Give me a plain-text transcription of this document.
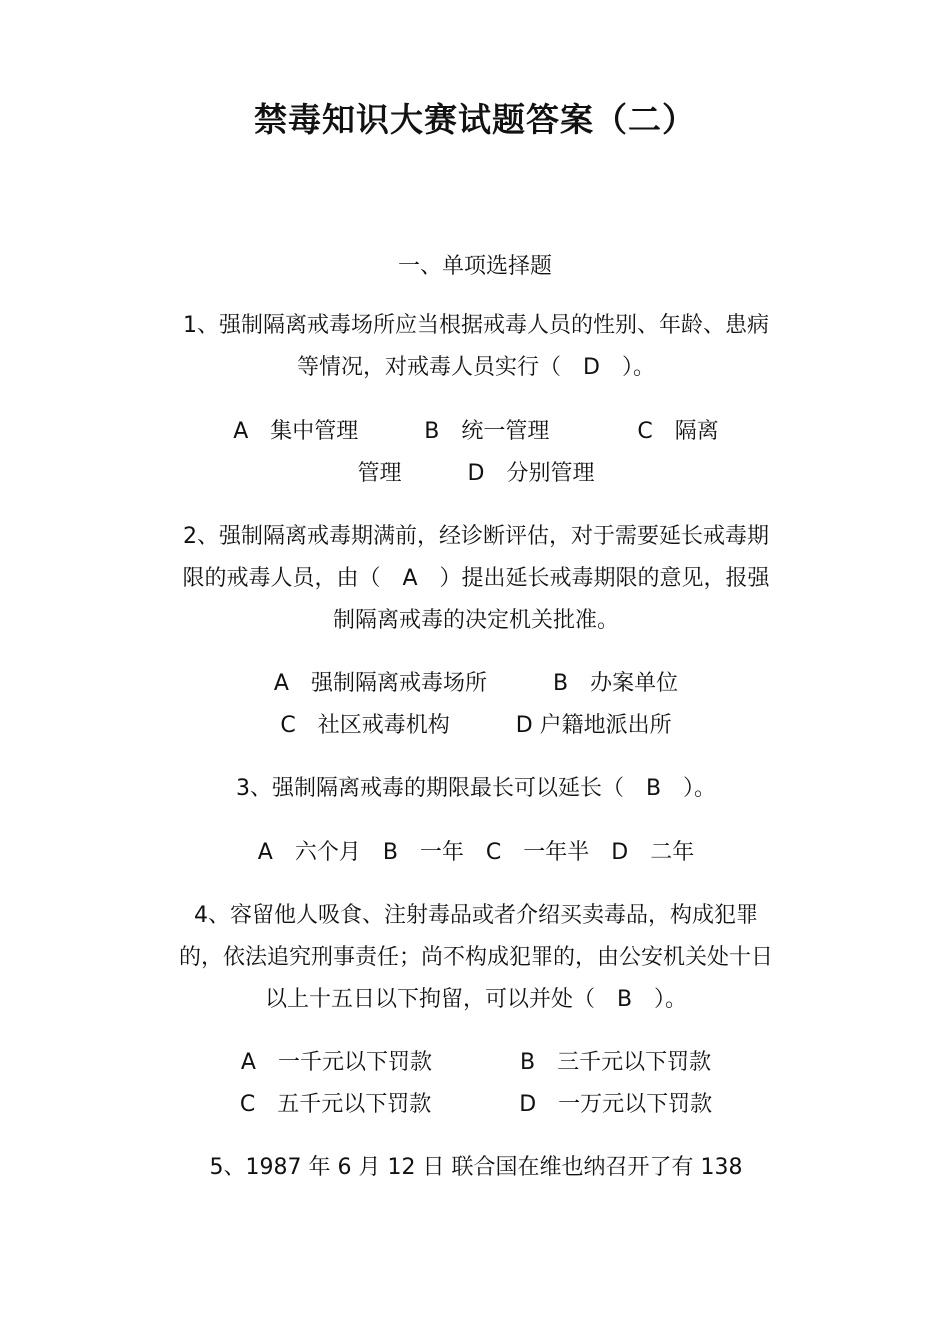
禁毒知识大赛试题答案（二）
一、单项选择题
1、强制隔离戒毒场所应当根据戒毒人员的性别、年龄、患病等情况，对戒毒人员实行（　D　）。
A　集中管理　　　B　统一管理　　　　C　隔离
管理　　　D　分别管理
2、强制隔离戒毒期满前，经诊断评估，对于需要延长戒毒期限的戒毒人员，由（　A　）提出延长戒毒期限的意见，报强制隔离戒毒的决定机关批准。
A　强制隔离戒毒场所　　　B　办案单位
C　社区戒毒机构　　　D 户籍地派出所
3、强制隔离戒毒的期限最长可以延长（　B　）。
A　六个月　B　一年　C　一年半　D　二年
4、容留他人吸食、注射毒品或者介绍买卖毒品，构成犯罪的，依法追究刑事责任；尚不构成犯罪的，由公安机关处十日以上十五日以下拘留，可以并处（　B　）。
A　一千元以下罚款　　　　B　三千元以下罚款
C　五千元以下罚款　　　　D　一万元以下罚款
5、1987 年 6 月 12 日 联合国在维也纳召开了有 138
